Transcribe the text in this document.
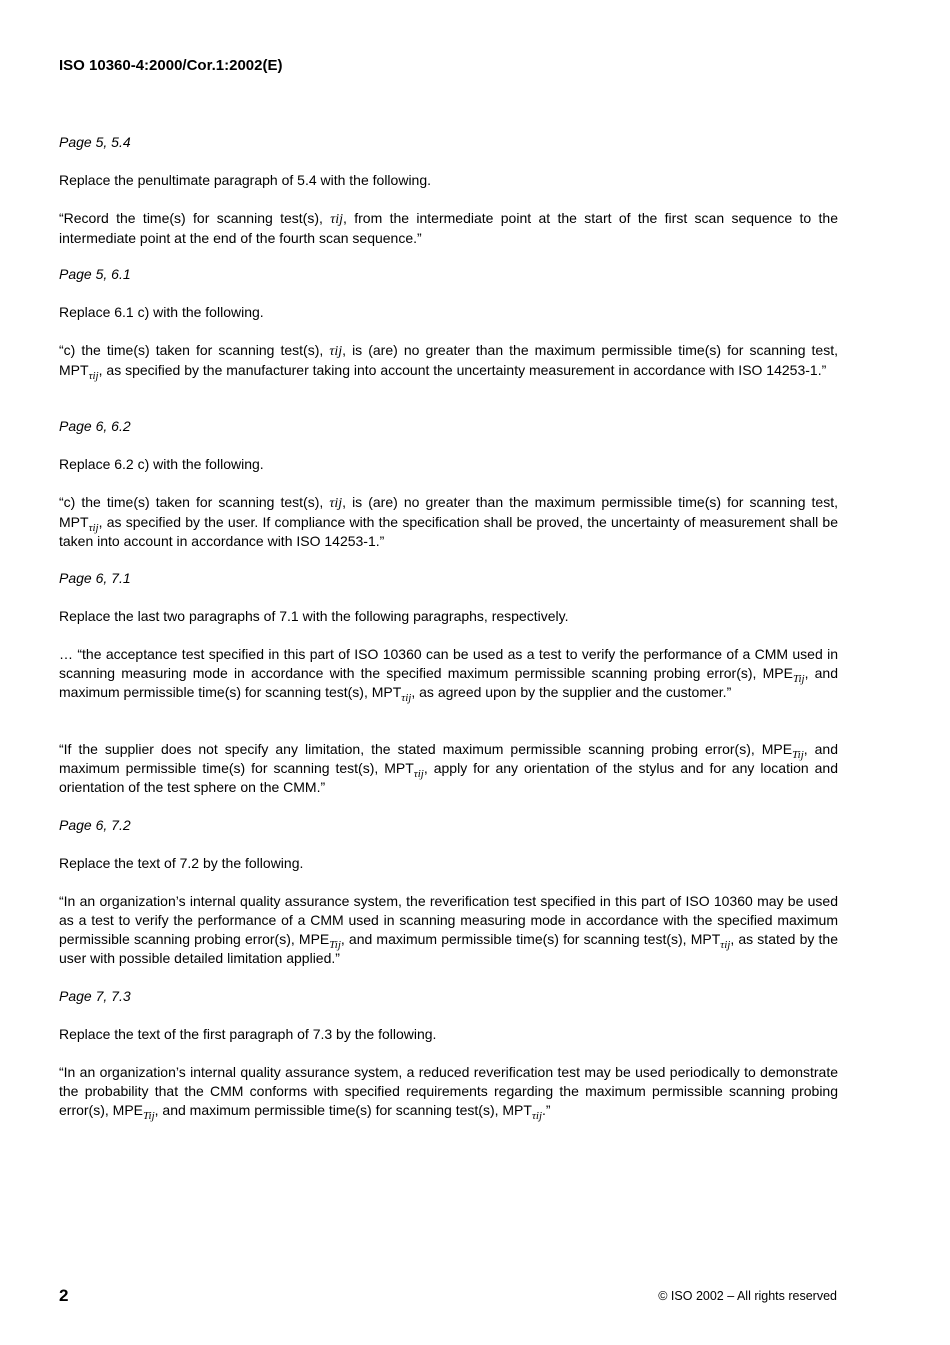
ISO 10360-4:2000/Cor.1:2002(E)
Page 5, 5.4
Replace the penultimate paragraph of 5.4 with the following.
“Record the time(s) for scanning test(s), τij, from the intermediate point at the start of the first scan sequence to the intermediate point at the end of the fourth scan sequence.”
Page 5, 6.1
Replace 6.1 c) with the following.
“c) the time(s) taken for scanning test(s), τij, is (are) no greater than the maximum permissible time(s) for scanning test, $MPT_{\tau ij}$, as specified by the manufacturer taking into account the uncertainty measurement in accordance with ISO 14253-1.”
Page 6, 6.2
Replace 6.2 c) with the following.
“c) the time(s) taken for scanning test(s), τij, is (are) no greater than the maximum permissible time(s) for scanning test, $MPT_{\tau ij}$, as specified by the user. If compliance with the specification shall be proved, the uncertainty of measurement shall be taken into account in accordance with ISO 14253-1.”
Page 6, 7.1
Replace the last two paragraphs of 7.1 with the following paragraphs, respectively.
… “the acceptance test specified in this part of ISO 10360 can be used as a test to verify the performance of a CMM used in scanning measuring mode in accordance with the specified maximum permissible scanning probing error(s), $MPE_{Tij}$, and maximum permissible time(s) for scanning test(s), $MPT_{\tau ij}$, as agreed upon by the supplier and the customer.”
“If the supplier does not specify any limitation, the stated maximum permissible scanning probing error(s), $MPE_{Tij}$, and maximum permissible time(s) for scanning test(s), $MPT_{\tau ij}$, apply for any orientation of the stylus and for any location and orientation of the test sphere on the CMM.”
Page 6, 7.2
Replace the text of 7.2 by the following.
“In an organization’s internal quality assurance system, the reverification test specified in this part of ISO 10360 may be used as a test to verify the performance of a CMM used in scanning measuring mode in accordance with the specified maximum permissible scanning probing error(s), $MPE_{Tij}$, and maximum permissible time(s) for scanning test(s), $MPT_{\tau ij}$, as stated by the user with possible detailed limitation applied.”
Page 7, 7.3
Replace the text of the first paragraph of 7.3 by the following.
“In an organization’s internal quality assurance system, a reduced reverification test may be used periodically to demonstrate the probability that the CMM conforms with specified requirements regarding the maximum permissible scanning probing error(s), $MPE_{Tij}$, and maximum permissible time(s) for scanning test(s), $MPT_{\tau ij}$.”
2	© ISO 2002 – All rights reserved
